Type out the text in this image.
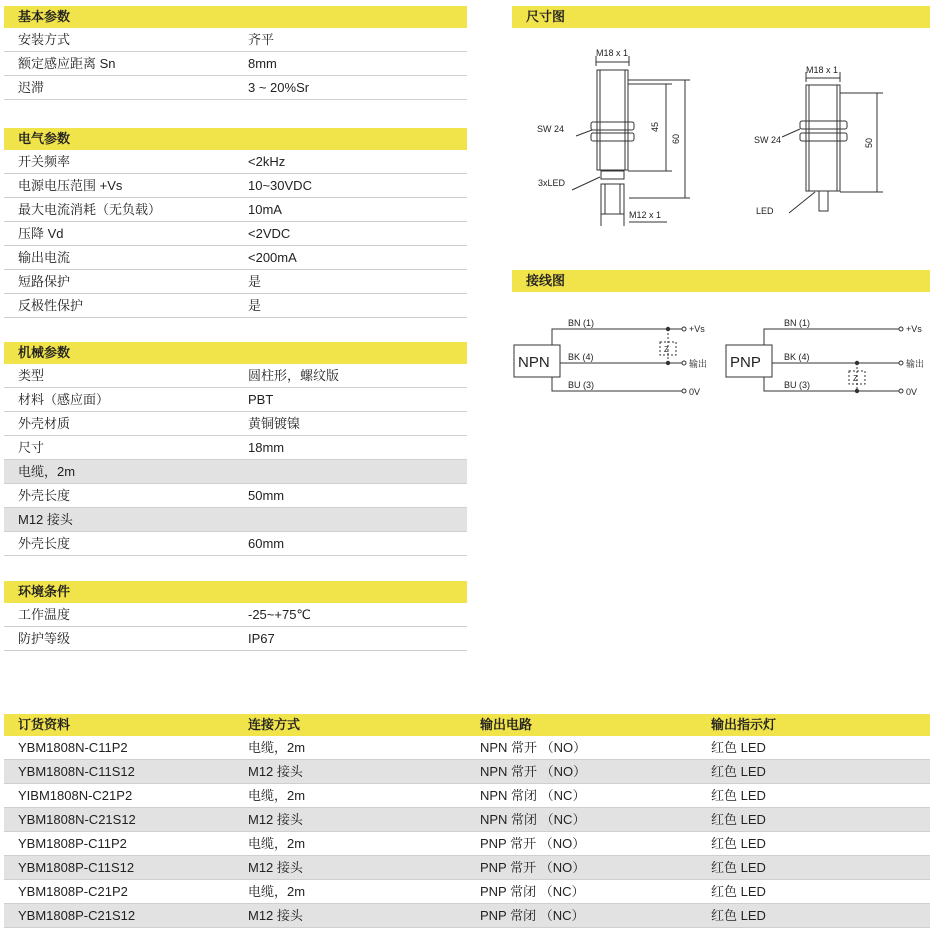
基本参数
安装方式	齐平
额定感应距离 Sn	8mm
迟滞	3 ~ 20%Sr
电气参数
开关频率	<2kHz
电源电压范围 +Vs	10~30VDC
最大电流消耗（无负载）	10mA
压降 Vd	<2VDC
输出电流	<200mA
短路保护	是
反极性保护	是
机械参数
类型	圆柱形，螺纹版
材料（感应面）	PBT
外壳材质	黄铜镀镍
尺寸	18mm
电缆，2m
外壳长度	50mm
M12 接头
外壳长度	60mm
环境条件
工作温度	-25~+75℃
防护等级	IP67
尺寸图
M18 x 1
SW 24
3xLED
M12 x 1
45
60
M18 x 1
SW 24
LED
50
接线图
NPN
BN (1)
BK (4)
BU (3)
+Vs
输出
0V
Z
PNP
BN (1)
BK (4)
BU (3)
+Vs
输出
0V
Z
订货资料	连接方式	输出电路	输出指示灯
YBM1808N-C11P2	电缆，2m	NPN 常开 （NO）	红色 LED
YBM1808N-C11S12	M12 接头	NPN 常开 （NO）	红色 LED
YIBM1808N-C21P2	电缆，2m	NPN 常闭 （NC）	红色 LED
YBM1808N-C21S12	M12 接头	NPN 常闭 （NC）	红色 LED
YBM1808P-C11P2	电缆，2m	PNP 常开 （NO）	红色 LED
YBM1808P-C11S12	M12 接头	PNP 常开 （NO）	红色 LED
YBM1808P-C21P2	电缆，2m	PNP 常闭 （NC）	红色 LED
YBM1808P-C21S12	M12 接头	PNP 常闭 （NC）	红色 LED
